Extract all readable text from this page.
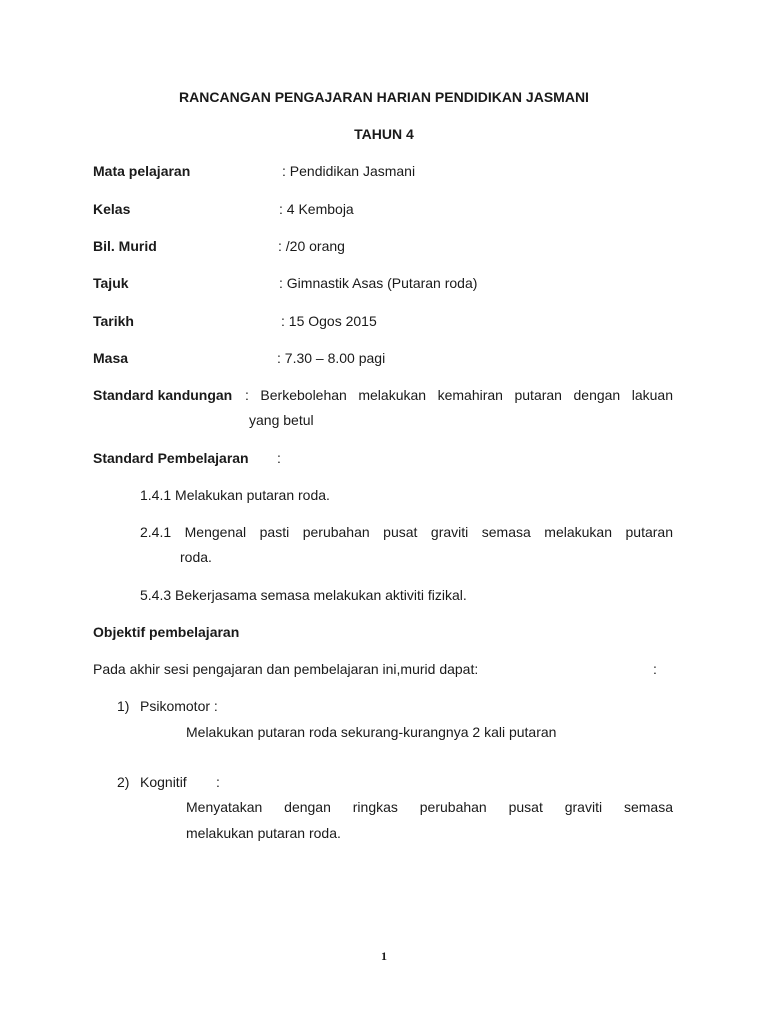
RANCANGAN PENGAJARAN HARIAN PENDIDIKAN JASMANI
TAHUN 4
Mata pelajaran	: Pendidikan Jasmani
Kelas	: 4 Kemboja
Bil. Murid	: /20 orang
Tajuk	: Gimnastik Asas (Putaran roda)
Tarikh	: 15 Ogos 2015
Masa	: 7.30 – 8.00 pagi
Standard kandungan : Berkebolehan melakukan kemahiran putaran dengan lakuan
yang betul
Standard Pembelajaran :
1.4.1 Melakukan putaran roda.
2.4.1 Mengenal pasti perubahan pusat graviti semasa melakukan putaran
roda.
5.4.3 Bekerjasama semasa melakukan aktiviti fizikal.
Objektif pembelajaran
Pada akhir sesi pengajaran dan pembelajaran ini,murid dapat:	:
1) Psikomotor :
Melakukan putaran roda sekurang-kurangnya 2 kali putaran
2) Kognitif :
Menyatakan dengan ringkas perubahan pusat graviti semasa
melakukan putaran roda.
1
